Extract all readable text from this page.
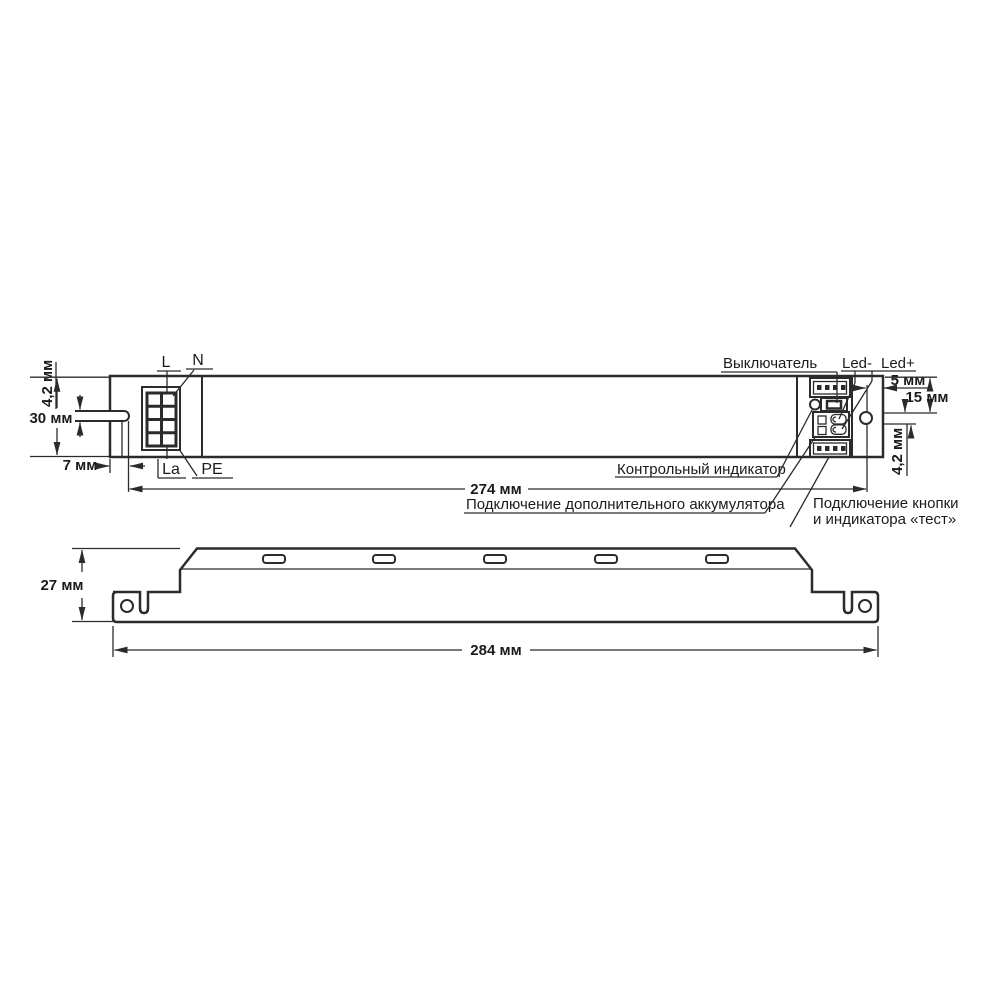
L N
La PE
Выключатель Led- Led+
Контрольный индикатор
Подключение дополнительного аккумулятора Подключение кнопки
и индикатора «тест»
4,2 мм
30 мм
7 мм
274 мм
5 мм
15 мм
4,2 мм
27 мм
284 мм
